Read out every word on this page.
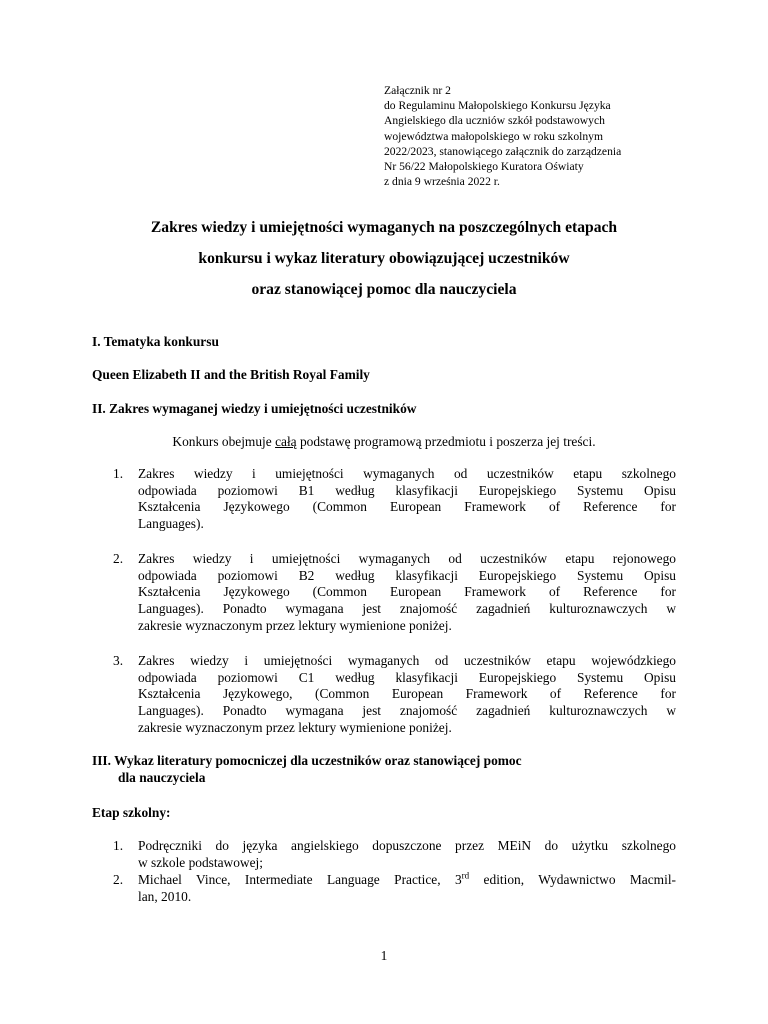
Załącznik nr 2
do Regulaminu Małopolskiego Konkursu Języka
Angielskiego dla uczniów szkół podstawowych
województwa małopolskiego w roku szkolnym
2022/2023, stanowiącego załącznik do zarządzenia
Nr 56/22 Małopolskiego Kuratora Oświaty
z dnia 9 września 2022 r.
Zakres wiedzy i umiejętności wymaganych na poszczególnych etapach
konkursu i wykaz literatury obowiązującej uczestników
oraz stanowiącej pomoc dla nauczyciela
I. Tematyka konkursu
Queen Elizabeth II and the British Royal Family
II. Zakres wymaganej wiedzy i umiejętności uczestników
Konkurs obejmuje całą podstawę programową przedmiotu i poszerza jej treści.
1. Zakres wiedzy i umiejętności wymaganych od uczestników etapu szkolnego
odpowiada poziomowi B1 według klasyfikacji Europejskiego Systemu Opisu
Kształcenia Językowego (Common European Framework of Reference for
Languages).
2. Zakres wiedzy i umiejętności wymaganych od uczestników etapu rejonowego
odpowiada poziomowi B2 według klasyfikacji Europejskiego Systemu Opisu
Kształcenia Językowego (Common European Framework of Reference for
Languages). Ponadto wymagana jest znajomość zagadnień kulturoznawczych w
zakresie wyznaczonym przez lektury wymienione poniżej.
3. Zakres wiedzy i umiejętności wymaganych od uczestników etapu wojewódzkiego
odpowiada poziomowi C1 według klasyfikacji Europejskiego Systemu Opisu
Kształcenia Językowego, (Common European Framework of Reference for
Languages). Ponadto wymagana jest znajomość zagadnień kulturoznawczych w
zakresie wyznaczonym przez lektury wymienione poniżej.
III. Wykaz literatury pomocniczej dla uczestników oraz stanowiącej pomoc
dla nauczyciela
Etap szkolny:
1. Podręczniki do języka angielskiego dopuszczone przez MEiN do użytku szkolnego
w szkole podstawowej;
2. Michael Vince, Intermediate Language Practice, 3rd edition, Wydawnictwo Macmil-
lan, 2010.
1
